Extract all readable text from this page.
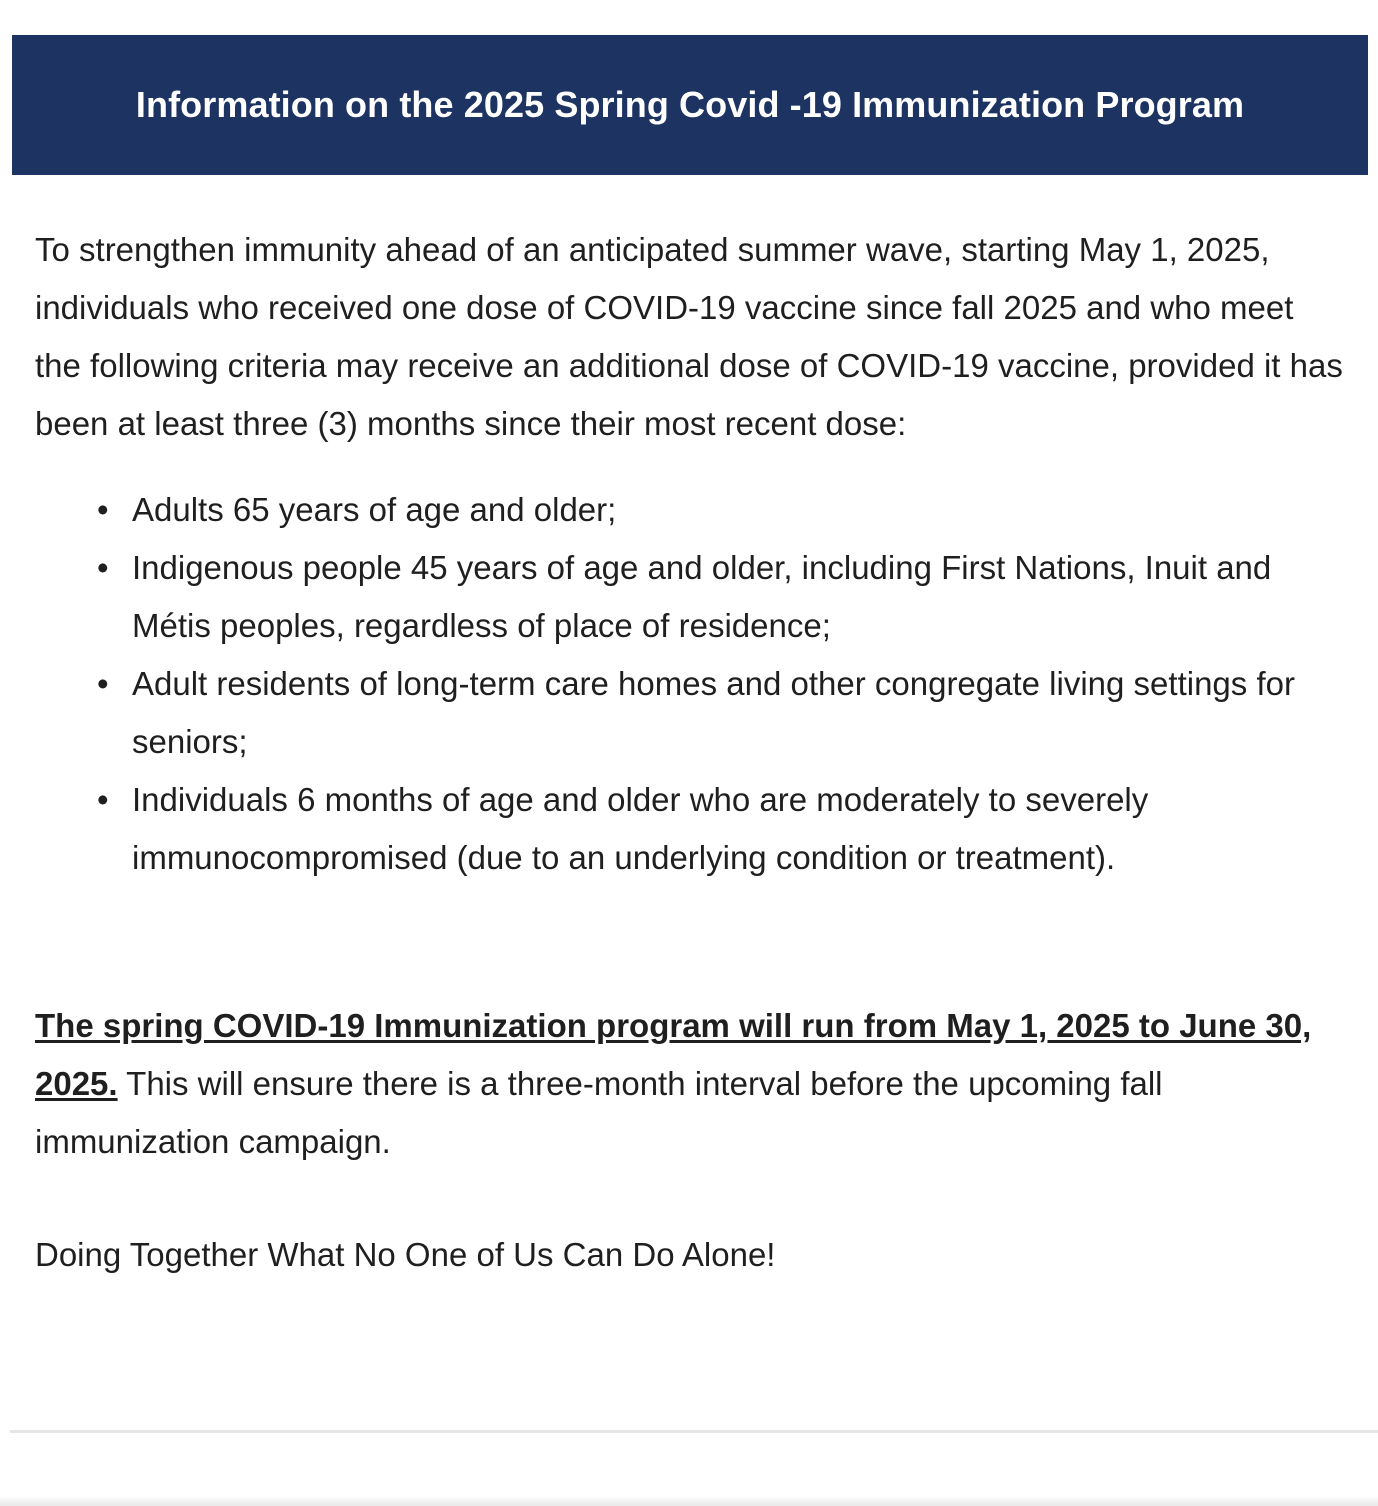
Information on the 2025 Spring Covid -19 Immunization Program

To strengthen immunity ahead of an anticipated summer wave, starting May 1, 2025, individuals who received one dose of COVID-19 vaccine since fall 2025 and who meet the following criteria may receive an additional dose of COVID-19 vaccine, provided it has been at least three (3) months since their most recent dose:

• Adults 65 years of age and older;
• Indigenous people 45 years of age and older, including First Nations, Inuit and Métis peoples, regardless of place of residence;
• Adult residents of long-term care homes and other congregate living settings for seniors;
• Individuals 6 months of age and older who are moderately to severely immunocompromised (due to an underlying condition or treatment).

The spring COVID-19 Immunization program will run from May 1, 2025 to June 30, 2025. This will ensure there is a three-month interval before the upcoming fall immunization campaign.

Doing Together What No One of Us Can Do Alone!
